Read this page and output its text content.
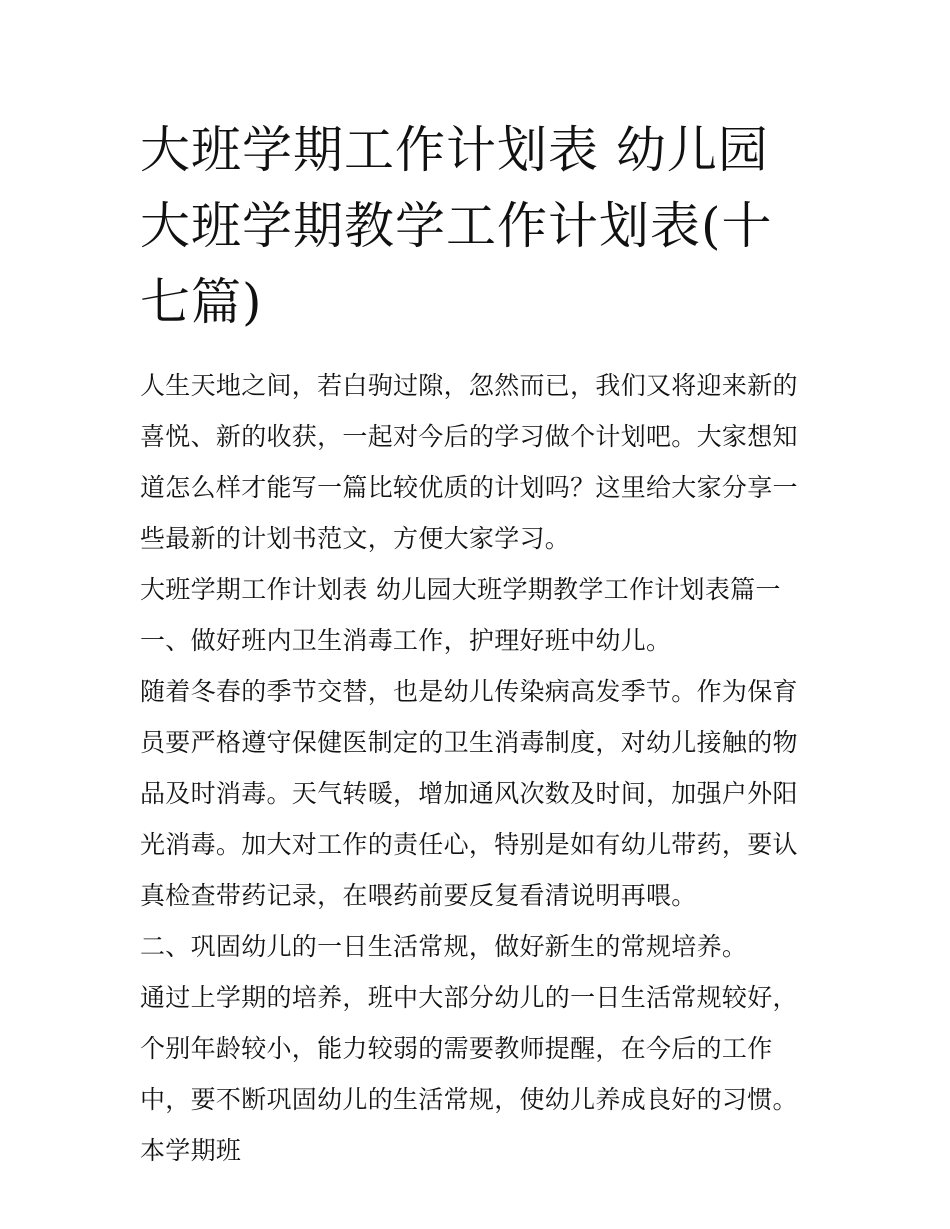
大班学期工作计划表 幼儿园大班学期教学工作计划表(十七篇)

人生天地之间，若白驹过隙，忽然而已，我们又将迎来新的喜悦、新的收获，一起对今后的学习做个计划吧。大家想知道怎么样才能写一篇比较优质的计划吗？这里给大家分享一些最新的计划书范文，方便大家学习。

大班学期工作计划表 幼儿园大班学期教学工作计划表篇一

一、做好班内卫生消毒工作，护理好班中幼儿。

随着冬春的季节交替，也是幼儿传染病高发季节。作为保育员要严格遵守保健医制定的卫生消毒制度，对幼儿接触的物品及时消毒。天气转暖，增加通风次数及时间，加强户外阳光消毒。加大对工作的责任心，特别是如有幼儿带药，要认真检查带药记录，在喂药前要反复看清说明再喂。

二、巩固幼儿的一日生活常规，做好新生的常规培养。

通过上学期的培养，班中大部分幼儿的一日生活常规较好，个别年龄较小，能力较弱的需要教师提醒，在今后的工作中，要不断巩固幼儿的生活常规，使幼儿养成良好的习惯。本学期班
